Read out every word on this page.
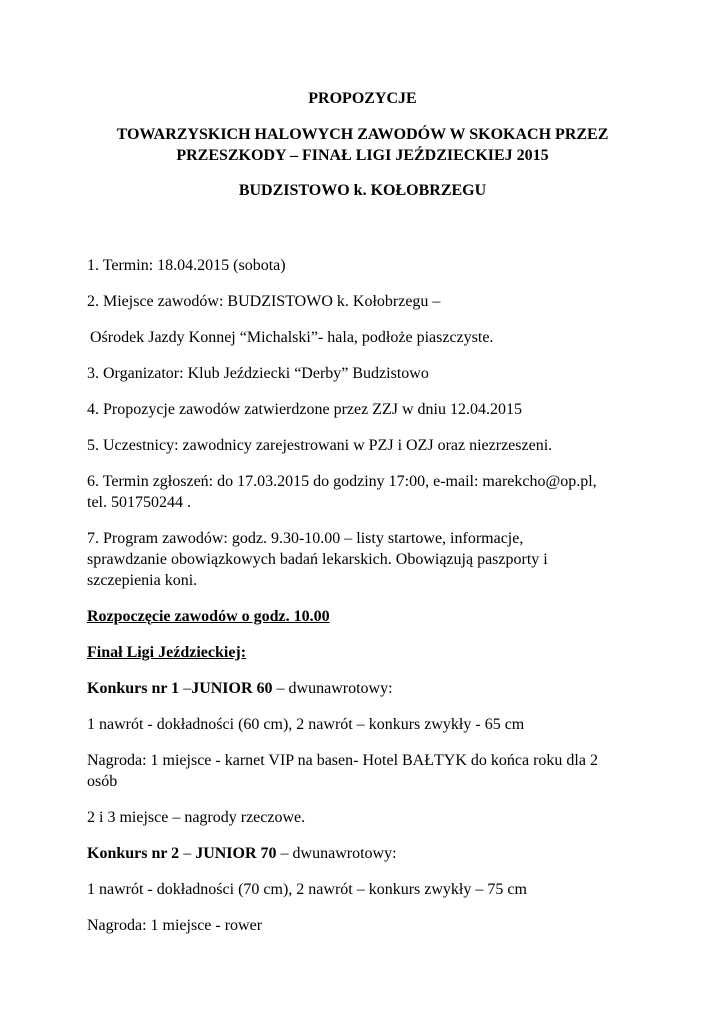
PROPOZYCJE

TOWARZYSKICH HALOWYCH ZAWODÓW W SKOKACH PRZEZ

PRZESZKODY – FINAŁ LIGI JEŹDZIECKIEJ 2015

BUDZISTOWO k. KOŁOBRZEGU

1. Termin: 18.04.2015 (sobota)

2. Miejsce zawodów: BUDZISTOWO k. Kołobrzegu –

Ośrodek Jazdy Konnej “Michalski”- hala, podłoże piaszczyste.

3. Organizator: Klub Jeździecki “Derby” Budzistowo

4. Propozycje zawodów zatwierdzone przez ZZJ w dniu 12.04.2015

5. Uczestnicy: zawodnicy zarejestrowani w PZJ i OZJ oraz niezrzeszeni.

6. Termin zgłoszeń: do 17.03.2015 do godziny 17:00, e-mail: marekcho@op.pl,

tel. 501750244 .

7. Program zawodów: godz. 9.30-10.00 – listy startowe, informacje,

sprawdzanie obowiązkowych badań lekarskich. Obowiązują paszporty i

szczepienia koni.

Rozpoczęcie zawodów o godz. 10.00

Finał Ligi Jeździeckiej:

Konkurs nr 1 –JUNIOR 60 – dwunawrotowy:

1 nawrót - dokładności (60 cm), 2 nawrót – konkurs zwykły - 65 cm

Nagroda: 1 miejsce - karnet VIP na basen- Hotel BAŁTYK do końca roku dla 2

osób

2 i 3 miejsce – nagrody rzeczowe.

Konkurs nr 2 – JUNIOR 70 – dwunawrotowy:

1 nawrót - dokładności (70 cm), 2 nawrót – konkurs zwykły – 75 cm

Nagroda: 1 miejsce - rower
